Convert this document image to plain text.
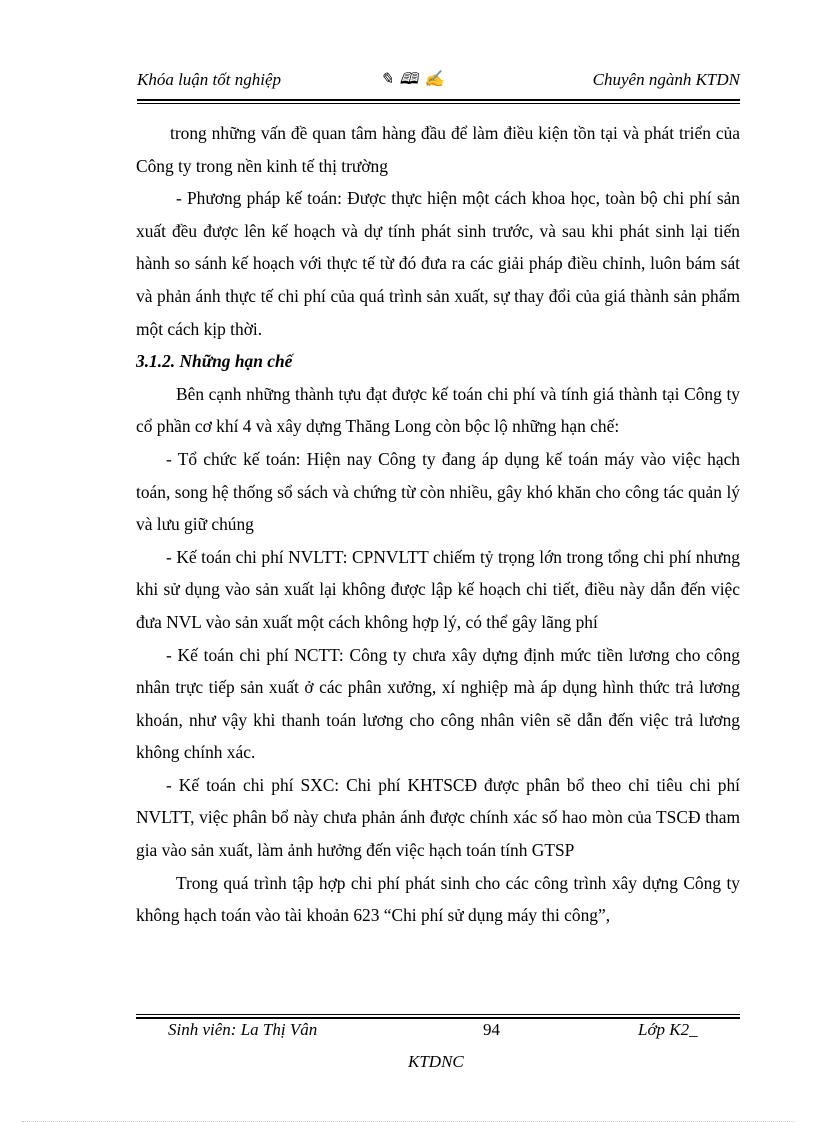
Khóa luận tốt nghiệp	✎ 🕮 ✍	Chuyên ngành KTDN

trong những vấn đề quan tâm hàng đầu để làm điều kiện tồn tại và phát triển của Công ty trong nền kinh tế thị trường

- Phương pháp kế toán: Được thực hiện một cách khoa học, toàn bộ chi phí sản xuất đều được lên kế hoạch và dự tính phát sinh trước, và sau khi phát sinh lại tiến hành so sánh kế hoạch với thực tế từ đó đưa ra các giải pháp điều chỉnh, luôn bám sát và phản ánh thực tế chi phí của quá trình sản xuất, sự thay đổi của giá thành sản phẩm một cách kịp thời.

3.1.2. Những hạn chế

Bên cạnh những thành tựu đạt được kế toán chi phí và tính giá thành tại Công ty cổ phần cơ khí 4 và xây dựng Thăng Long còn bộc lộ những hạn chế:

- Tổ chức kế toán: Hiện nay Công ty đang áp dụng kế toán máy vào việc hạch toán, song hệ thống sổ sách và chứng từ còn nhiều, gây khó khăn cho công tác quản lý và lưu giữ chúng

- Kế toán chi phí NVLTT: CPNVLTT chiếm tỷ trọng lớn trong tổng chi phí nhưng khi sử dụng vào sản xuất lại không được lập kế hoạch chi tiết, điều này dẫn đến việc đưa NVL vào sản xuất một cách không hợp lý, có thể gây lãng phí

- Kế toán chi phí NCTT: Công ty chưa xây dựng định mức tiền lương cho công nhân trực tiếp sản xuất ở các phân xưởng, xí nghiệp mà áp dụng hình thức trả lương khoán, như vậy khi thanh toán lương cho công nhân viên sẽ dẫn đến việc trả lương không chính xác.

- Kế toán chi phí SXC: Chi phí KHTSCĐ được phân bổ theo chỉ tiêu chi phí NVLTT, việc phân bổ này chưa phản ánh được chính xác số hao mòn của TSCĐ tham gia vào sản xuất, làm ảnh hưởng đến việc hạch toán tính GTSP

Trong quá trình tập hợp chi phí phát sinh cho các công trình xây dựng Công ty không hạch toán vào tài khoản 623 “Chi phí sử dụng máy thi công”,

Sinh viên: La Thị Vân	94	Lớp K2_
KTDNC
